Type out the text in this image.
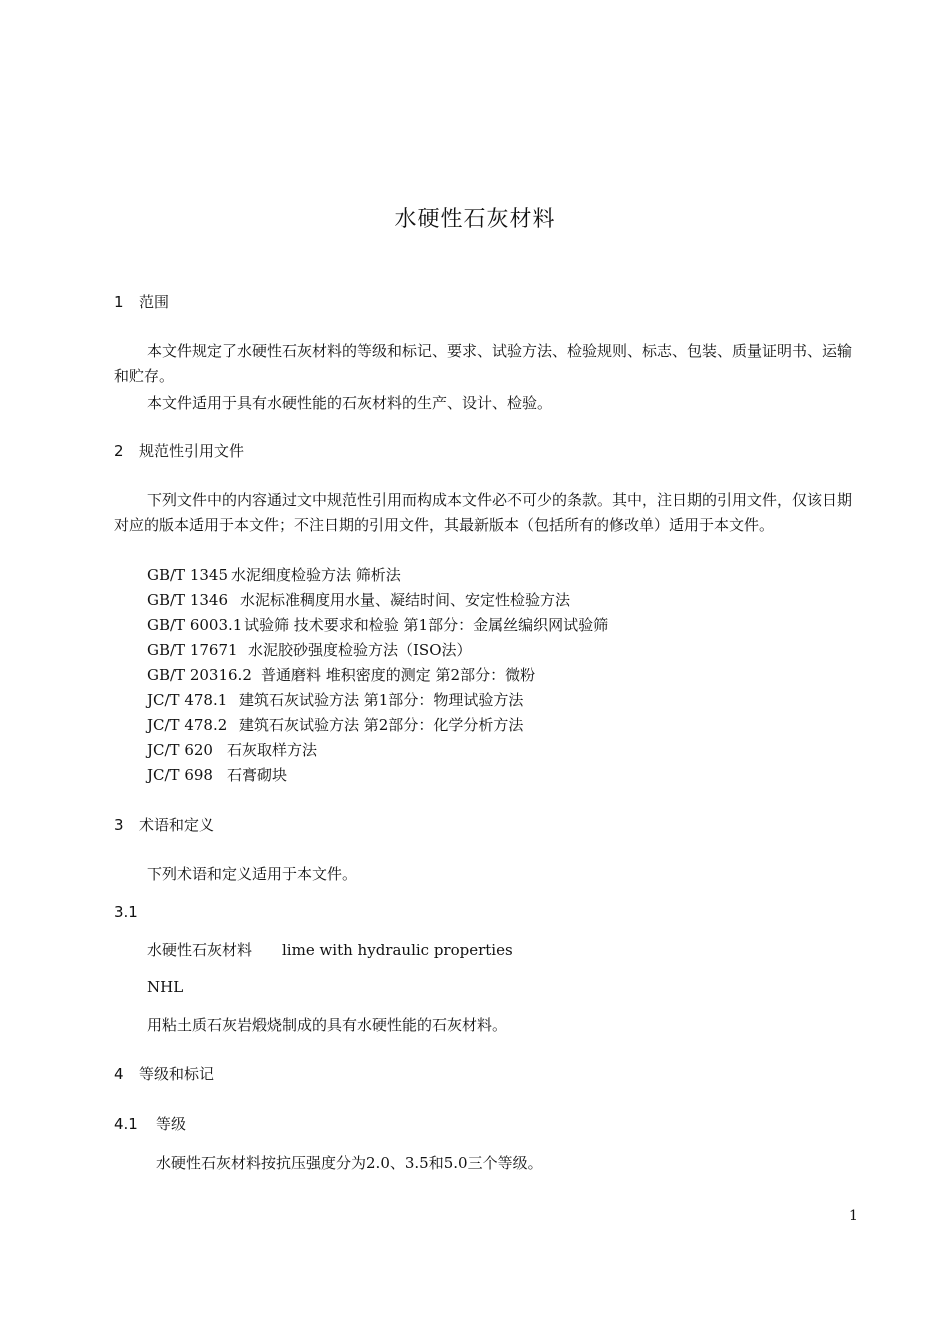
水硬性石灰材料
1 范围
本文件规定了水硬性石灰材料的等级和标记、要求、试验方法、检验规则、标志、包装、质量证明书、运输和贮存。
本文件适用于具有水硬性能的石灰材料的生产、设计、检验。
2 规范性引用文件
下列文件中的内容通过文中规范性引用而构成本文件必不可少的条款。其中，注日期的引用文件，仅该日期对应的版本适用于本文件；不注日期的引用文件，其最新版本（包括所有的修改单）适用于本文件。
GB/T 1345 水泥细度检验方法 筛析法
GB/T 1346 水泥标准稠度用水量、凝结时间、安定性检验方法
GB/T 6003.1 试验筛 技术要求和检验 第1部分：金属丝编织网试验筛
GB/T 17671 水泥胶砂强度检验方法（ISO法）
GB/T 20316.2 普通磨料 堆积密度的测定 第2部分：微粉
JC/T 478.1 建筑石灰试验方法 第1部分：物理试验方法
JC/T 478.2 建筑石灰试验方法 第2部分：化学分析方法
JC/T 620 石灰取样方法
JC/T 698 石膏砌块
3 术语和定义
下列术语和定义适用于本文件。
3.1
水硬性石灰材料 lime with hydraulic properties
NHL
用粘土质石灰岩煅烧制成的具有水硬性能的石灰材料。
4 等级和标记
4.1 等级
水硬性石灰材料按抗压强度分为2.0、3.5和5.0三个等级。
1
